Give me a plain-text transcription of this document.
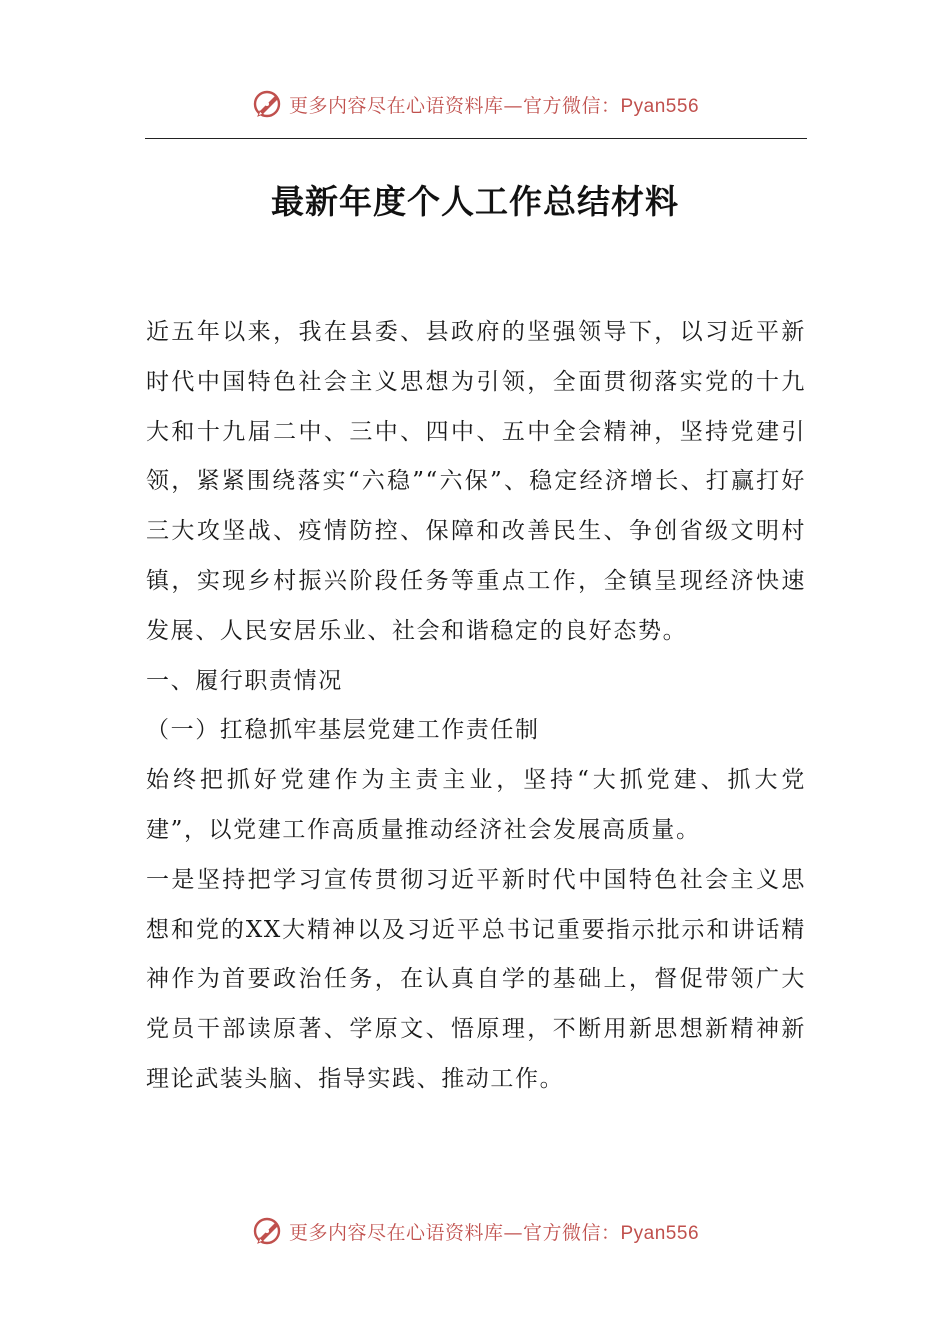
更多内容尽在心语资料库—官方微信：Pyan556
最新年度个人工作总结材料

近五年以来，我在县委、县政府的坚强领导下，以习近平新时代中国特色社会主义思想为引领，全面贯彻落实党的十九大和十九届二中、三中、四中、五中全会精神，坚持党建引领，紧紧围绕落实“六稳”“六保”、稳定经济增长、打赢打好三大攻坚战、疫情防控、保障和改善民生、争创省级文明村镇，实现乡村振兴阶段任务等重点工作，全镇呈现经济快速发展、人民安居乐业、社会和谐稳定的良好态势。

一、履行职责情况

（一）扛稳抓牢基层党建工作责任制

始终把抓好党建作为主责主业，坚持“大抓党建、抓大党建”，以党建工作高质量推动经济社会发展高质量。

一是坚持把学习宣传贯彻习近平新时代中国特色社会主义思想和党的XX大精神以及习近平总书记重要指示批示和讲话精神作为首要政治任务，在认真自学的基础上，督促带领广大党员干部读原著、学原文、悟原理，不断用新思想新精神新理论武装头脑、指导实践、推动工作。

更多内容尽在心语资料库—官方微信：Pyan556
